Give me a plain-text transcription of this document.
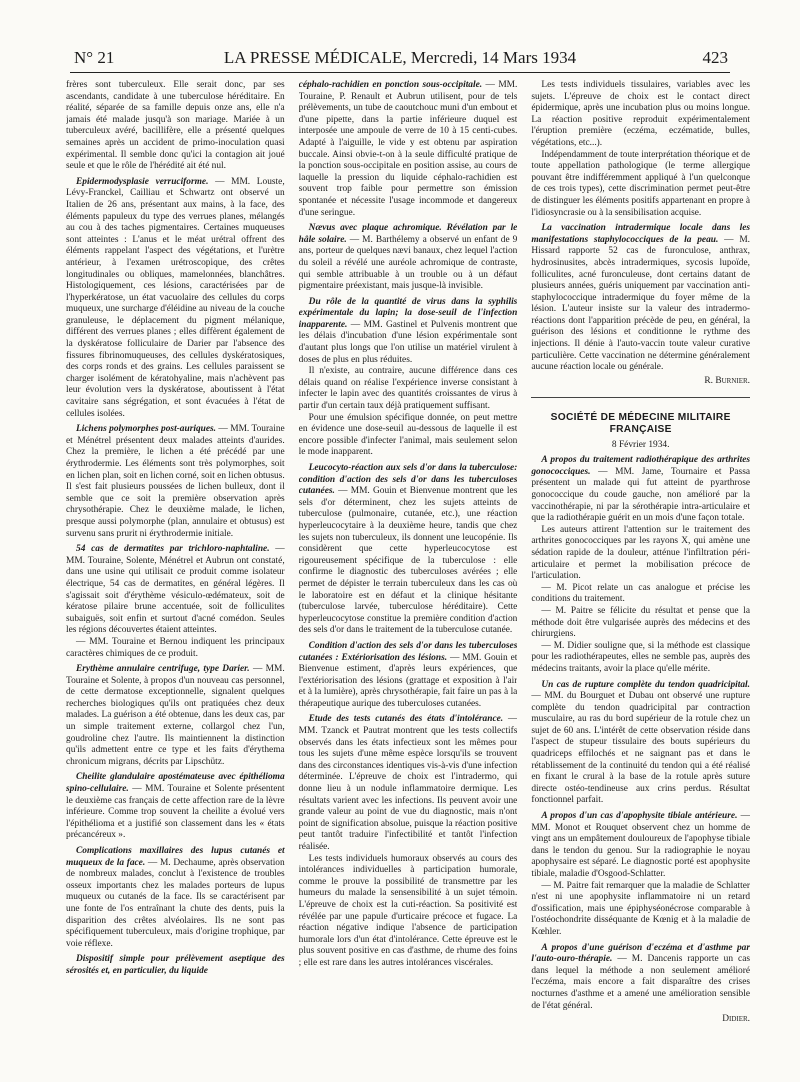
N° 21	LA PRESSE MÉDICALE, Mercredi, 14 Mars 1934	423

frères sont tuberculeux. Elle serait donc, par ses ascendants, candidate à une tuberculose héréditaire. En réalité, séparée de sa famille depuis onze ans, elle n'a jamais été malade jusqu'à son mariage. Mariée à un tuberculeux avéré, bacillifère, elle a présenté quelques semaines après un accident de primo-inoculation quasi expérimental. Il semble donc qu'ici la contagion ait joué seule et que le rôle de l'hérédité ait été nul.

Epidermodysplasie verruciforme. — MM. Louste, Lévy-Franckel, Cailliau et Schwartz ont observé un Italien de 26 ans, présentant aux mains, à la face, des éléments papuleux du type des verrues planes, mélangés au cou à des taches pigmentaires. Certaines muqueuses sont atteintes : L'anus et le méat urétral offrent des éléments rappelant l'aspect des végétations, et l'urètre antérieur, à l'examen urétroscopique, des crêtes longitudinales ou obliques, mamelonnées, blanchâtres. Histologiquement, ces lésions, caractérisées par de l'hyperkératose, un état vacuolaire des cellules du corps muqueux, une surcharge d'éléidine au niveau de la couche granuleuse, le déplacement du pigment mélanique, différent des verrues planes ; elles diffèrent également de la dyskératose folliculaire de Darier par l'absence des fissures fibrinomuqueuses, des cellules dyskératosiques, des corps ronds et des grains. Les cellules paraissent se charger isolément de kératohyaline, mais n'achèvent pas leur évolution vers la dyskératose, aboutissent à l'état cavitaire sans ségrégation, et sont évacuées à l'état de cellules isolées.

Lichens polymorphes post-auriques. — MM. Touraine et Ménétrel présentent deux malades atteints d'aurides. Chez la première, le lichen a été précédé par une érythrodermie. Les éléments sont très polymorphes, soit en lichen plan, soit en lichen corné, soit en lichen obtusus. Il s'est fait plusieurs poussées de lichen bulleux, dont il semble que ce soit la première observation après chrysothérapie. Chez le deuxième malade, le lichen, presque aussi polymorphe (plan, annulaire et obtusus) est survenu sans prurit ni érythrodermie initiale.

54 cas de dermatites par trichloro-naphtaline. — MM. Touraine, Solente, Ménétrel et Aubrun ont constaté, dans une usine qui utilisait ce produit comme isolateur électrique, 54 cas de dermatites, en général légères. Il s'agissait soit d'érythème vésiculo-œdémateux, soit de kératose pilaire brune accentuée, soit de folliculites subaiguës, soit enfin et surtout d'acné comédon. Seules les régions découvertes étaient atteintes.

— MM. Touraine et Bernou indiquent les principaux caractères chimiques de ce produit.

Erythème annulaire centrifuge, type Darier. — MM. Touraine et Solente, à propos d'un nouveau cas personnel, de cette dermatose exceptionnelle, signalent quelques recherches biologiques qu'ils ont pratiquées chez deux malades. La guérison a été obtenue, dans les deux cas, par un simple traitement externe, collargol chez l'un, goudroline chez l'autre. Ils maintiennent la distinction qu'ils admettent entre ce type et les faits d'érythema chronicum migrans, décrits par Lipschütz.

Cheilite glandulaire apostémateuse avec épithélioma spino-cellulaire. — MM. Touraine et Solente présentent le deuxième cas français de cette affection rare de la lèvre inférieure. Comme trop souvent la cheilite a évolué vers l'épithélioma et a justifié son classement dans les « états précancéreux ».

Complications maxillaires des lupus cutanés et muqueux de la face. — M. Dechaume, après observation de nombreux malades, conclut à l'existence de troubles osseux importants chez les malades porteurs de lupus muqueux ou cutanés de la face. Ils se caractérisent par une fonte de l'os entraînant la chute des dents, puis la disparition des crêtes alvéolaires. Ils ne sont pas spécifiquement tuberculeux, mais d'origine trophique, par voie réflexe.

Dispositif simple pour prélèvement aseptique des sérosités et, en particulier, du liquide

céphalo-rachidien en ponction sous-occipitale. — MM. Touraine, P. Renault et Aubrun utilisent, pour de tels prélèvements, un tube de caoutchouc muni d'un embout et d'une pipette, dans la partie inférieure duquel est interposée une ampoule de verre de 10 à 15 centi-cubes. Adapté à l'aiguille, le vide y est obtenu par aspiration buccale. Ainsi obvie-t-on à la seule difficulté pratique de la ponction sous-occipitale en position assise, au cours de laquelle la pression du liquide céphalo-rachidien est souvent trop faible pour permettre son émission spontanée et nécessite l'usage incommode et dangereux d'une seringue.

Nævus avec plaque achromique. Révélation par le hâle solaire. — M. Barthélemy a observé un enfant de 9 ans, porteur de quelques nævi banaux, chez lequel l'action du soleil a révélé une auréole achromique de contraste, qui semble attribuable à un trouble ou à un défaut pigmentaire préexistant, mais jusque-là invisible.

Du rôle de la quantité de virus dans la syphilis expérimentale du lapin; la dose-seuil de l'infection inapparente. — MM. Gastinel et Pulvenis montrent que les délais d'incubation d'une lésion expérimentale sont d'autant plus longs que l'on utilise un matériel virulent à doses de plus en plus réduites.

Il n'existe, au contraire, aucune différence dans ces délais quand on réalise l'expérience inverse consistant à infecter le lapin avec des quantités croissantes de virus à partir d'un certain taux déjà pratiquement suffisant.

Pour une émulsion spécifique donnée, on peut mettre en évidence une dose-seuil au-dessous de laquelle il est encore possible d'infecter l'animal, mais seulement selon le mode inapparent.

Leucocyto-réaction aux sels d'or dans la tuberculose: condition d'action des sels d'or dans les tuberculoses cutanées. — MM. Gouin et Bienvenue montrent que les sels d'or déterminent, chez les sujets atteints de tuberculose (pulmonaire, cutanée, etc.), une réaction hyperleucocytaire à la deuxième heure, tandis que chez les sujets non tuberculeux, ils donnent une leucopénie. Ils considèrent que cette hyperleucocytose est rigoureusement spécifique de la tuberculose : elle confirme le diagnostic des tuberculoses avérées ; elle permet de dépister le terrain tuberculeux dans les cas où le laboratoire est en défaut et la clinique hésitante (tuberculose larvée, tuberculose héréditaire). Cette hyperleucocytose constitue la première condition d'action des sels d'or dans le traitement de la tuberculose cutanée.

Condition d'action des sels d'or dans les tuberculoses cutanées : Extériorisation des lésions. — MM. Gouin et Bienvenue estiment, d'après leurs expériences, que l'extériorisation des lésions (grattage et exposition à l'air et à la lumière), après chrysothérapie, fait faire un pas à la thérapeutique aurique des tuberculoses cutanées.

Etude des tests cutanés des états d'intolérance. — MM. Tzanck et Pautrat montrent que les tests collectifs observés dans les états infectieux sont les mêmes pour tous les sujets d'une même espèce lorsqu'ils se trouvent dans des circonstances identiques vis-à-vis d'une infection déterminée. L'épreuve de choix est l'intradermo, qui donne lieu à un nodule inflammatoire dermique. Les résultats varient avec les infections. Ils peuvent avoir une grande valeur au point de vue du diagnostic, mais n'ont point de signification absolue, puisque la réaction positive peut tantôt traduire l'infectibilité et tantôt l'infection réalisée.

Les tests individuels humoraux observés au cours des intolérances individuelles à participation humorale, comme le prouve la possibilité de transmettre par les humeurs du malade la sensensibilité à un sujet témoin. L'épreuve de choix est la cuti-réaction. Sa positivité est révélée par une papule d'urticaire précoce et fugace. La réaction négative indique l'absence de participation humorale lors d'un état d'intolérance. Cette épreuve est le plus souvent positive en cas d'asthme, de rhume des foins ; elle est rare dans les autres intolérances viscérales.

Les tests individuels tissulaires, variables avec les sujets. L'épreuve de choix est le contact direct épidermique, après une incubation plus ou moins longue. La réaction positive reproduit expérimentalement l'éruption première (eczéma, eczématide, bulles, végétations, etc...).

Indépendamment de toute interprétation théorique et de toute appellation pathologique (le terme allergique pouvant être indifféremment appliqué à l'un quelconque de ces trois types), cette discrimination permet peut-être de distinguer les éléments positifs appartenant en propre à l'idiosyncrasie ou à la sensibilisation acquise.

La vaccination intradermique locale dans les manifestations staphylococciques de la peau. — M. Hissard rapporte 52 cas de furonculose, anthrax, hydrosinusites, abcès intradermiques, sycosis lupoïde, folliculites, acné furonculeuse, dont certains datant de plusieurs années, guéris uniquement par vaccination anti-staphylococcique intradermique du foyer même de la lésion. L'auteur insiste sur la valeur des intradermo-réactions dont l'apparition précède de peu, en général, la guérison des lésions et conditionne le rythme des injections. Il dénie à l'auto-vaccin toute valeur curative particulière. Cette vaccination ne détermine généralement aucune réaction locale ou générale.

R. Burnier.
SOCIÉTÉ DE MÉDECINE MILITAIRE FRANÇAISE
8 Février 1934.

A propos du traitement radiothérapique des arthrites gonococciques. — MM. Jame, Tournaire et Passa présentent un malade qui fut atteint de pyarthrose gonococcique du coude gauche, non amélioré par la vaccinothérapie, ni par la sérothérapie intra-articulaire et que la radiothérapie guérit en un mois d'une façon totale.

Les auteurs attirent l'attention sur le traitement des arthrites gonococciques par les rayons X, qui amène une sédation rapide de la douleur, atténue l'infiltration péri-articulaire et permet la mobilisation précoce de l'articulation.

— M. Picot relate un cas analogue et précise les conditions du traitement.

— M. Paitre se félicite du résultat et pense que la méthode doit être vulgarisée auprès des médecins et des chirurgiens.

— M. Didier souligne que, si la méthode est classique pour les radiothérapeutes, elles ne semble pas, auprès des médecins traitants, avoir la place qu'elle mérite.

Un cas de rupture complète du tendon quadricipital. — MM. du Bourguet et Dubau ont observé une rupture complète du tendon quadricipital par contraction musculaire, au ras du bord supérieur de la rotule chez un sujet de 60 ans. L'intérêt de cette observation réside dans l'aspect de stupeur tissulaire des bouts supérieurs du quadriceps effilochés et ne saignant pas et dans le rétablissement de la continuité du tendon qui a été réalisé en fixant le crural à la base de la rotule après suture directe ostéo-tendineuse aux crins perdus. Résultat fonctionnel parfait.

A propos d'un cas d'apophysite tibiale antérieure. — MM. Monot et Rouquet observent chez un homme de vingt ans un empâtement douloureux de l'apophyse tibiale dans le tendon du genou. Sur la radiographie le noyau apophysaire est séparé. Le diagnostic porté est apophysite tibiale, maladie d'Osgood-Schlatter.

— M. Paitre fait remarquer que la maladie de Schlatter n'est ni une apophysite inflammatoire ni un retard d'ossification, mais une épiphyséonécrose comparable à l'ostéochondrite disséquante de Kœnig et à la maladie de Kœhler.

A propos d'une guérison d'eczéma et d'asthme par l'auto-ouro-thérapie. — M. Dancenis rapporte un cas dans lequel la méthode a non seulement amélioré l'eczéma, mais encore a fait disparaître des crises nocturnes d'asthme et a amené une amélioration sensible de l'état général.

Didier.
